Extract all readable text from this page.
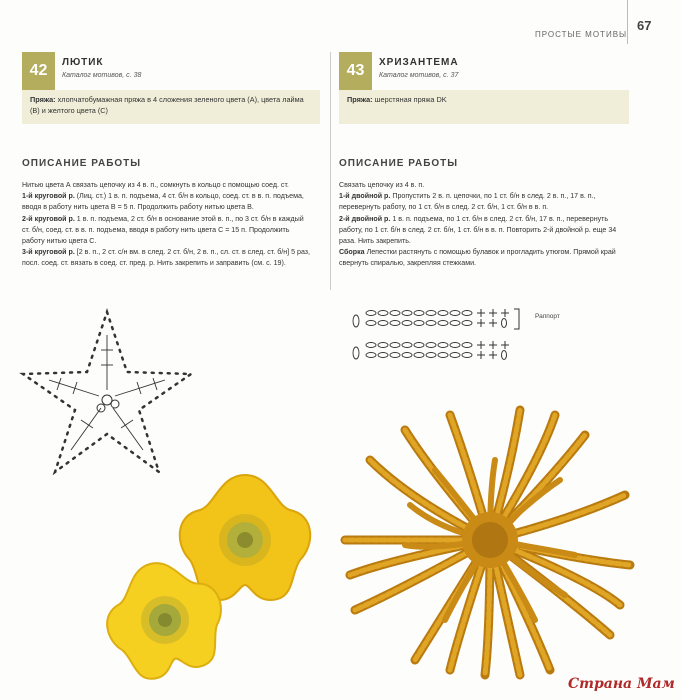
ПРОСТЫЕ МОТИВЫ
67
42	ЛЮТИК
Каталог мотивов, с. 38
Пряжа: хлопчатобумажная пряжа в 4 сложения зеленого цвета (А), цвета лайма (В) и желтого цвета (С)
ОПИСАНИЕ РАБОТЫ

Нитью цвета А связать цепочку из 4 в. п., сомкнуть в кольцо с помощью соед. ст.

1-й круговой р. (Лиц. ст.) 1 в. п. подъема, 4 ст. б/н в кольцо, соед. ст. в в. п. подъема, вводя в работу нить цвета В = 5 п. Продолжить работу нитью цвета В.

2-й круговой р. 1 в. п. подъема, 2 ст. б/н в основание этой в. п., по 3 ст. б/н в каждый ст. б/н, соед. ст. в в. п. подъема, вводя в работу нить цвета С = 15 п. Продолжить работу нитью цвета С.

3-й круговой р. [2 в. п., 2 ст. с/н вм. в след. 2 ст. б/н, 2 в. п., сл. ст. в след. ст. б/н] 5 раз, посл. соед. ст. вязать в соед. ст. пред. р. Нить закрепить и заправить (см. с. 19).

43	ХРИЗАНТЕМА
Каталог мотивов, с. 37
Пряжа: шерстяная пряжа DK
ОПИСАНИЕ РАБОТЫ

Связать цепочку из 4 в. п.

1-й двойной р. Пропустить 2 в. п. цепочки, по 1 ст. б/н в след. 2 в. п., 17 в. п., перевернуть работу, по 1 ст. б/н в след. 2 ст. б/н, 1 ст. б/н в в. п.

2-й двойной р. 1 в. п. подъема, по 1 ст. б/н в след. 2 ст. б/н, 17 в. п., перевернуть работу, по 1 ст. б/н в след. 2 ст. б/н, 1 ст. б/н в в. п. Повторить 2-й двойной р. еще 34 раза. Нить закрепить.

Сборка Лепестки растянуть с помощью булавок и прогладить утюгом. Прямой край свернуть спиралью, закрепляя стежками.

Раппорт
Страна Мам
